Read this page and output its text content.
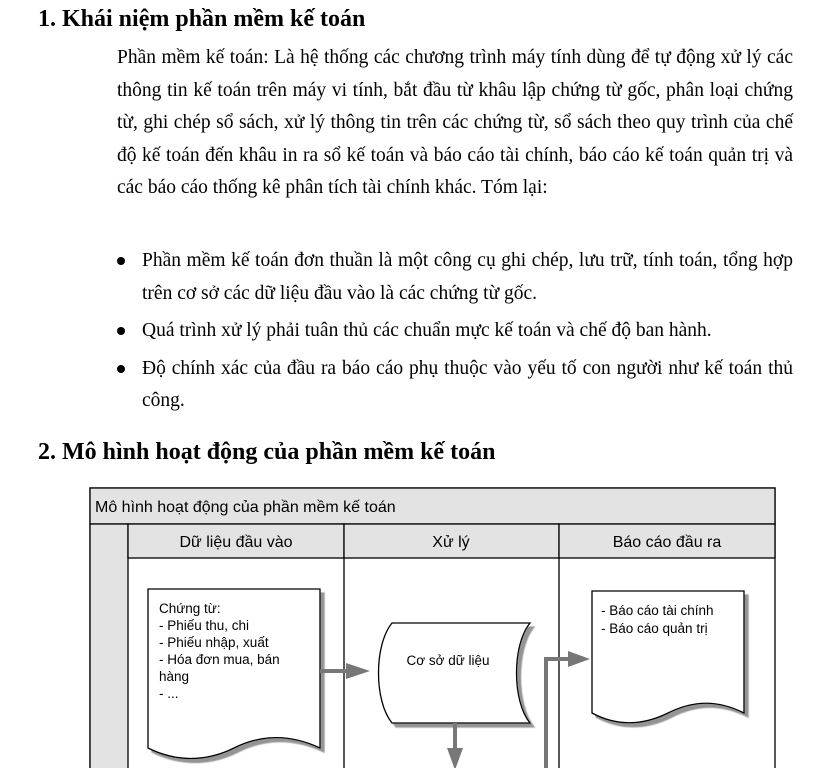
1. Khái niệm phần mềm kế toán

Phần mềm kế toán: Là hệ thống các chương trình máy tính dùng để tự động xử lý các thông tin kế toán trên máy vi tính, bắt đầu từ khâu lập chứng từ gốc, phân loại chứng từ, ghi chép sổ sách, xử lý thông tin trên các chứng từ, sổ sách theo quy trình của chế độ kế toán đến khâu in ra sổ kế toán và báo cáo tài chính, báo cáo kế toán quản trị và các báo cáo thống kê phân tích tài chính khác. Tóm lại:

Phần mềm kế toán đơn thuần là một công cụ ghi chép, lưu trữ, tính toán, tổng hợp trên cơ sở các dữ liệu đầu vào là các chứng từ gốc.
Quá trình xử lý phải tuân thủ các chuẩn mực kế toán và chế độ ban hành.
Độ chính xác của đầu ra báo cáo phụ thuộc vào yếu tố con người như kế toán thủ công.
2. Mô hình hoạt động của phần mềm kế toán
Mô hình hoạt động của phần mềm kế toán
Dữ liệu đầu vào	Xử lý	Báo cáo đầu ra
Chứng từ: - Phiếu thu, chi - Phiếu nhập, xuất - Hóa đơn mua, bán hàng - ...
Cơ sở dữ liệu
- Báo cáo tài chính - Báo cáo quản trị
